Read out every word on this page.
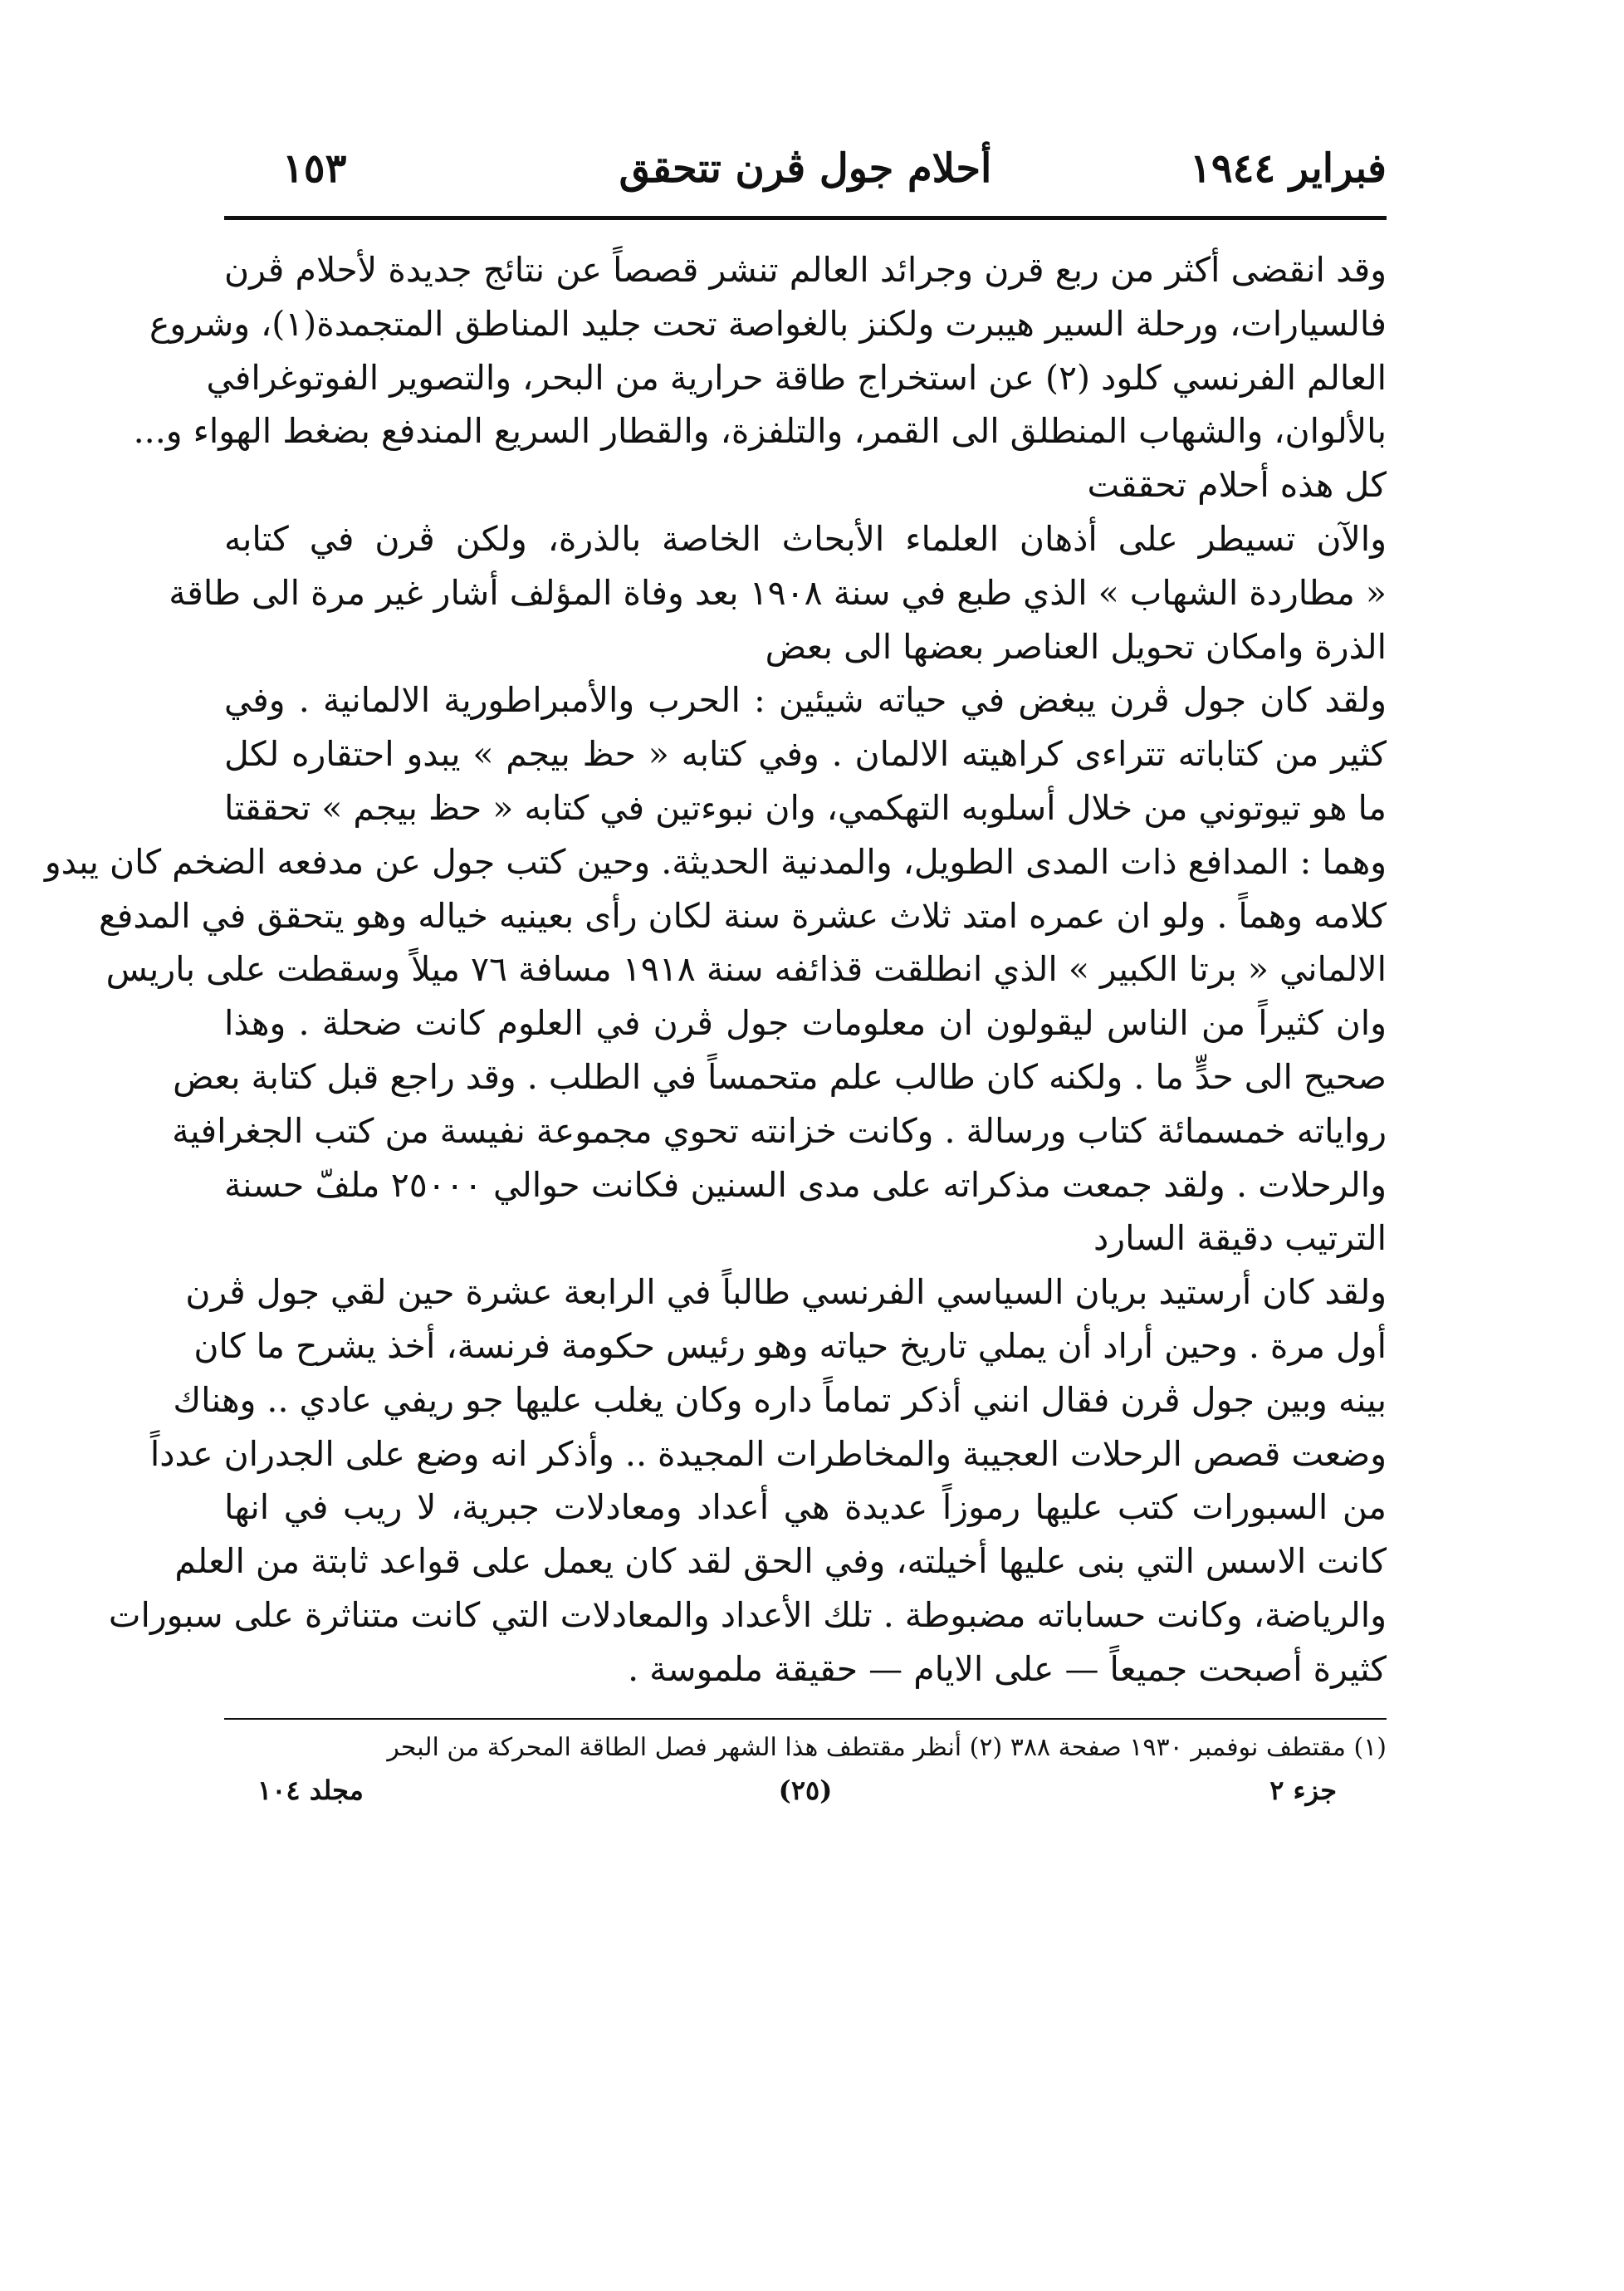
فبراير ١٩٤٤
أحلام جول ڤرن تتحقق
١٥٣

وقد انقضى أكثر من ربع قرن وجرائد العالم تنشر قصصاً عن نتائج جديدة لأحلام ڤرن
فالسيارات، ورحلة السير هيبرت ولكنز بالغواصة تحت جليد المناطق المتجمدة(١)، وشروع
العالم الفرنسي كلود (٢) عن استخراج طاقة حرارية من البحر، والتصوير الفوتوغرافي
بالألوان، والشهاب المنطلق الى القمر، والتلفزة، والقطار السريع المندفع بضغط الهواء و...
كل هذه أحلام تحققت

والآن تسيطر على أذهان العلماء الأبحاث الخاصة بالذرة، ولكن ڤرن في كتابه
« مطاردة الشهاب » الذي طبع في سنة ١٩٠٨ بعد وفاة المؤلف أشار غير مرة الى طاقة
الذرة وامكان تحويل العناصر بعضها الى بعض

ولقد كان جول ڤرن يبغض في حياته شيئين : الحرب والأمبراطورية الالمانية . وفي
كثير من كتاباته تتراءى كراهيته الالمان . وفي كتابه « حظ بيجم » يبدو احتقاره لكل
ما هو تيوتوني من خلال أسلوبه التهكمي، وان نبوءتين في كتابه « حظ بيجم » تحققتا
وهما : المدافع ذات المدى الطويل، والمدنية الحديثة. وحين كتب جول عن مدفعه الضخم كان يبدو
كلامه وهماً . ولو ان عمره امتد ثلاث عشرة سنة لكان رأى بعينيه خياله وهو يتحقق في المدفع
الالماني « برتا الكبير » الذي انطلقت قذائفه سنة ١٩١٨ مسافة ٧٦ ميلاً وسقطت على باريس

وان كثيراً من الناس ليقولون ان معلومات جول ڤرن في العلوم كانت ضحلة . وهذا
صحيح الى حدٍّ ما . ولكنه كان طالب علم متحمساً في الطلب . وقد راجع قبل كتابة بعض
رواياته خمسمائة كتاب ورسالة . وكانت خزانته تحوي مجموعة نفيسة من كتب الجغرافية
والرحلات . ولقد جمعت مذكراته على مدى السنين فكانت حوالي ٢٥٠٠٠ ملفّ حسنة
الترتيب دقيقة السارد

ولقد كان أرستيد بريان السياسي الفرنسي طالباً في الرابعة عشرة حين لقي جول ڤرن
أول مرة . وحين أراد أن يملي تاريخ حياته وهو رئيس حكومة فرنسة، أخذ يشرح ما كان
بينه وبين جول ڤرن فقال انني أذكر تماماً داره وكان يغلب عليها جو ريفي عادي .. وهناك
وضعت قصص الرحلات العجيبة والمخاطرات المجيدة .. وأذكر انه وضع على الجدران عدداً
من السبورات كتب عليها رموزاً عديدة هي أعداد ومعادلات جبرية، لا ريب في انها
كانت الاسس التي بنى عليها أخيلته، وفي الحق لقد كان يعمل على قواعد ثابتة من العلم
والرياضة، وكانت حساباته مضبوطة . تلك الأعداد والمعادلات التي كانت متناثرة على سبورات
كثيرة أصبحت جميعاً — على الايام — حقيقة ملموسة .

(١) مقتطف نوفمبر ١٩٣٠ صفحة ٣٨٨ (٢) أنظر مقتطف هذا الشهر فصل الطاقة المحركة من البحر
جزء ٢
(٢٥)
مجلد ١٠٤
